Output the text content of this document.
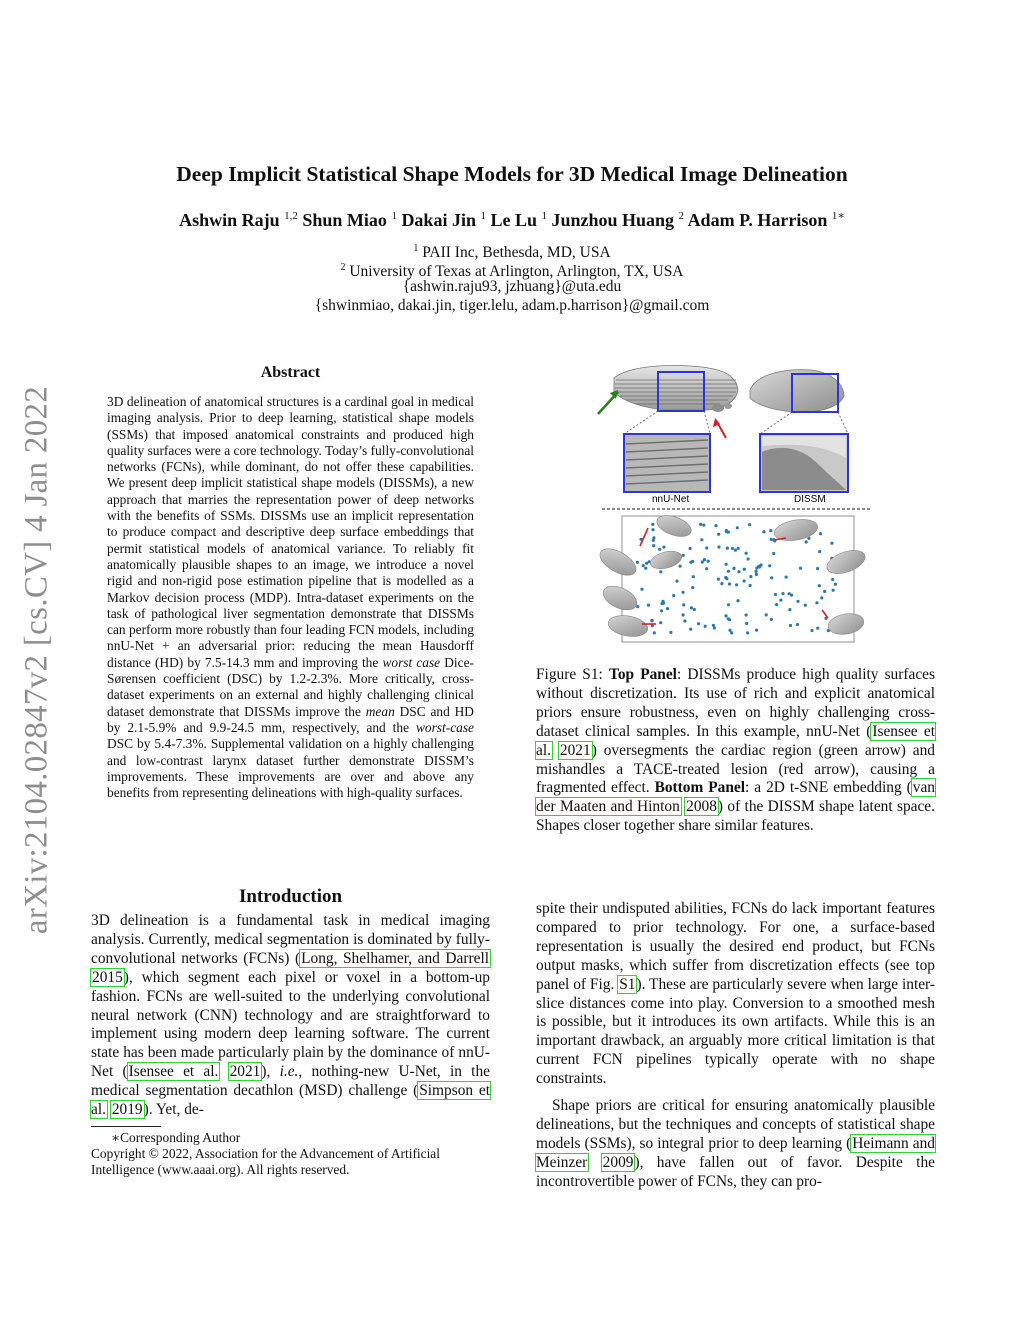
Deep Implicit Statistical Shape Models for 3D Medical Image Delineation
Ashwin Raju $^{1,2}$ Shun Miao $^1$ Dakai Jin $^1$ Le Lu $^1$ Junzhou Huang $^2$ Adam P. Harrison $^{1∗}$
$^1$ PAII Inc, Bethesda, MD, USA
$^2$ University of Texas at Arlington, Arlington, TX, USA
{ashwin.raju93, jzhuang}@uta.edu
{shwinmiao, dakai.jin, tiger.lelu, adam.p.harrison}@gmail.com
arXiv:2104.02847v2 [cs.CV] 4 Jan 2022
Abstract

3D delineation of anatomical structures is a cardinal goal in medical imaging analysis. Prior to deep learning, statistical shape models (SSMs) that imposed anatomical constraints and produced high quality surfaces were a core technology. Today’s fully-convolutional networks (FCNs), while dominant, do not offer these capabilities. We present deep implicit statistical shape models (DISSMs), a new approach that marries the representation power of deep networks with the benefits of SSMs. DISSMs use an implicit representation to produce compact and descriptive deep surface embeddings that permit statistical models of anatomical variance. To reliably fit anatomically plausible shapes to an image, we introduce a novel rigid and non-rigid pose estimation pipeline that is modelled as a Markov decision process (MDP). Intra-dataset experiments on the task of pathological liver segmentation demonstrate that DISSMs can perform more robustly than four leading FCN models, including nnU-Net + an adversarial prior: reducing the mean Hausdorff distance (HD) by 7.5-14.3 mm and improving the worst case Dice-Sørensen coefficient (DSC) by 1.2-2.3%. More critically, cross-dataset experiments on an external and highly challenging clinical dataset demonstrate that DISSMs improve the mean DSC and HD by 2.1-5.9% and 9.9-24.5 mm, respectively, and the worst-case DSC by 5.4-7.3%. Supplemental validation on a highly challenging and low-contrast larynx dataset further demonstrate DISSM’s improvements. These improvements are over and above any benefits from representing delineations with high-quality surfaces.

Introduction

3D delineation is a fundamental task in medical imaging analysis. Currently, medical segmentation is dominated by fully-convolutional networks (FCNs) (Long, Shelhamer, and Darrell 2015), which segment each pixel or voxel in a bottom-up fashion. FCNs are well-suited to the underlying convolutional neural network (CNN) technology and are straightforward to implement using modern deep learning software. The current state has been made particularly plain by the dominance of nnU-Net (Isensee et al. 2021), i.e., nothing-new U-Net, in the medical segmentation decathlon (MSD) challenge (Simpson et al. 2019). Yet, de-

∗Corresponding Author

Copyright © 2022, Association for the Advancement of Artificial Intelligence (www.aaai.org). All rights reserved.

nnU-Net	DISSM

Figure S1: Top Panel: DISSMs produce high quality surfaces without discretization. Its use of rich and explicit anatomical priors ensure robustness, even on highly challenging cross-dataset clinical samples. In this example, nnU-Net (Isensee et al. 2021) oversegments the cardiac region (green arrow) and mishandles a TACE-treated lesion (red arrow), causing a fragmented effect. Bottom Panel: a 2D t-SNE embedding (van der Maaten and Hinton 2008) of the DISSM shape latent space. Shapes closer together share similar features.

spite their undisputed abilities, FCNs do lack important features compared to prior technology. For one, a surface-based representation is usually the desired end product, but FCNs output masks, which suffer from discretization effects (see top panel of Fig. S1). These are particularly severe when large inter-slice distances come into play. Conversion to a smoothed mesh is possible, but it introduces its own artifacts. While this is an important drawback, an arguably more critical limitation is that current FCN pipelines typically operate with no shape constraints.

Shape priors are critical for ensuring anatomically plausible delineations, but the techniques and concepts of statistical shape models (SSMs), so integral prior to deep learning (Heimann and Meinzer 2009), have fallen out of favor. Despite the incontrovertible power of FCNs, they can pro-
